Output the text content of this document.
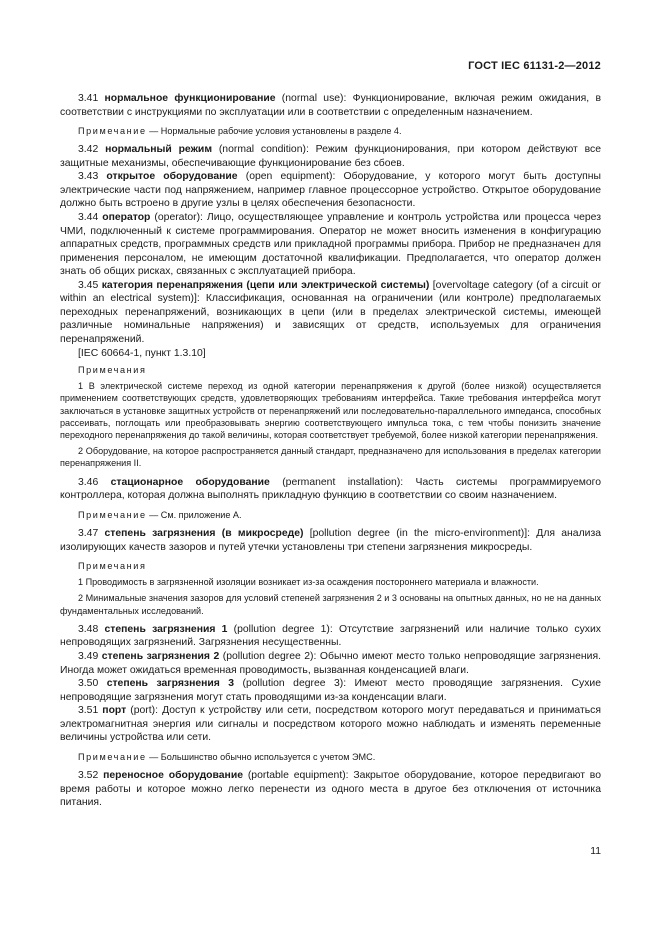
ГОСТ IEC 61131-2—2012

3.41 нормальное функционирование (normal use): Функционирование, включая режим ожидания, в соответствии с инструкциями по эксплуатации или в соответствии с определенным назначением.

Примечание — Нормальные рабочие условия установлены в разделе 4.

3.42 нормальный режим (normal condition): Режим функционирования, при котором действуют все защитные механизмы, обеспечивающие функционирование без сбоев.

3.43 открытое оборудование (open equipment): Оборудование, у которого могут быть доступны электрические части под напряжением, например главное процессорное устройство. Открытое оборудование должно быть встроено в другие узлы в целях обеспечения безопасности.

3.44 оператор (operator): Лицо, осуществляющее управление и контроль устройства или процесса через ЧМИ, подключенный к системе программирования. Оператор не может вносить изменения в конфигурацию аппаратных средств, программных средств или прикладной программы прибора. Прибор не предназначен для применения персоналом, не имеющим достаточной квалификации. Предполагается, что оператор должен знать об общих рисках, связанных с эксплуатацией прибора.

3.45 категория перенапряжения (цепи или электрической системы) [overvoltage category (of a circuit or within an electrical system)]: Классификация, основанная на ограничении (или контроле) предполагаемых переходных перенапряжений, возникающих в цепи (или в пределах электрической системы, имеющей различные номинальные напряжения) и зависящих от средств, используемых для ограничения перенапряжений.

[IEC 60664-1, пункт 1.3.10]

Примечания

1 В электрической системе переход из одной категории перенапряжения к другой (более низкой) осуществляется применением соответствующих средств, удовлетворяющих требованиям интерфейса. Такие требования интерфейса могут заключаться в установке защитных устройств от перенапряжений или последовательно-параллельного импеданса, способных рассеивать, поглощать или преобразовывать энергию соответствующего импульса тока, с тем чтобы понизить значение переходного перенапряжения до такой величины, которая соответствует требуемой, более низкой категории перенапряжения.

2 Оборудование, на которое распространяется данный стандарт, предназначено для использования в пределах категории перенапряжения II.

3.46 стационарное оборудование (permanent installation): Часть системы программируемого контроллера, которая должна выполнять прикладную функцию в соответствии со своим назначением.

Примечание — См. приложение А.

3.47 степень загрязнения (в микросреде) [pollution degree (in the micro-environment)]: Для анализа изолирующих качеств зазоров и путей утечки установлены три степени загрязнения микросреды.

Примечания

1 Проводимость в загрязненной изоляции возникает из-за осаждения постороннего материала и влажности.

2 Минимальные значения зазоров для условий степеней загрязнения 2 и 3 основаны на опытных данных, но не на данных фундаментальных исследований.

3.48 степень загрязнения 1 (pollution degree 1): Отсутствие загрязнений или наличие только сухих непроводящих загрязнений. Загрязнения несущественны.

3.49 степень загрязнения 2 (pollution degree 2): Обычно имеют место только непроводящие загрязнения. Иногда может ожидаться временная проводимость, вызванная конденсацией влаги.

3.50 степень загрязнения 3 (pollution degree 3): Имеют место проводящие загрязнения. Сухие непроводящие загрязнения могут стать проводящими из-за конденсации влаги.

3.51 порт (port): Доступ к устройству или сети, посредством которого могут передаваться и приниматься электромагнитная энергия или сигналы и посредством которого можно наблюдать и изменять переменные величины устройства или сети.

Примечание — Большинство обычно используется с учетом ЭМС.

3.52 переносное оборудование (portable equipment): Закрытое оборудование, которое передвигают во время работы и которое можно легко перенести из одного места в другое без отключения от источника питания.

11
